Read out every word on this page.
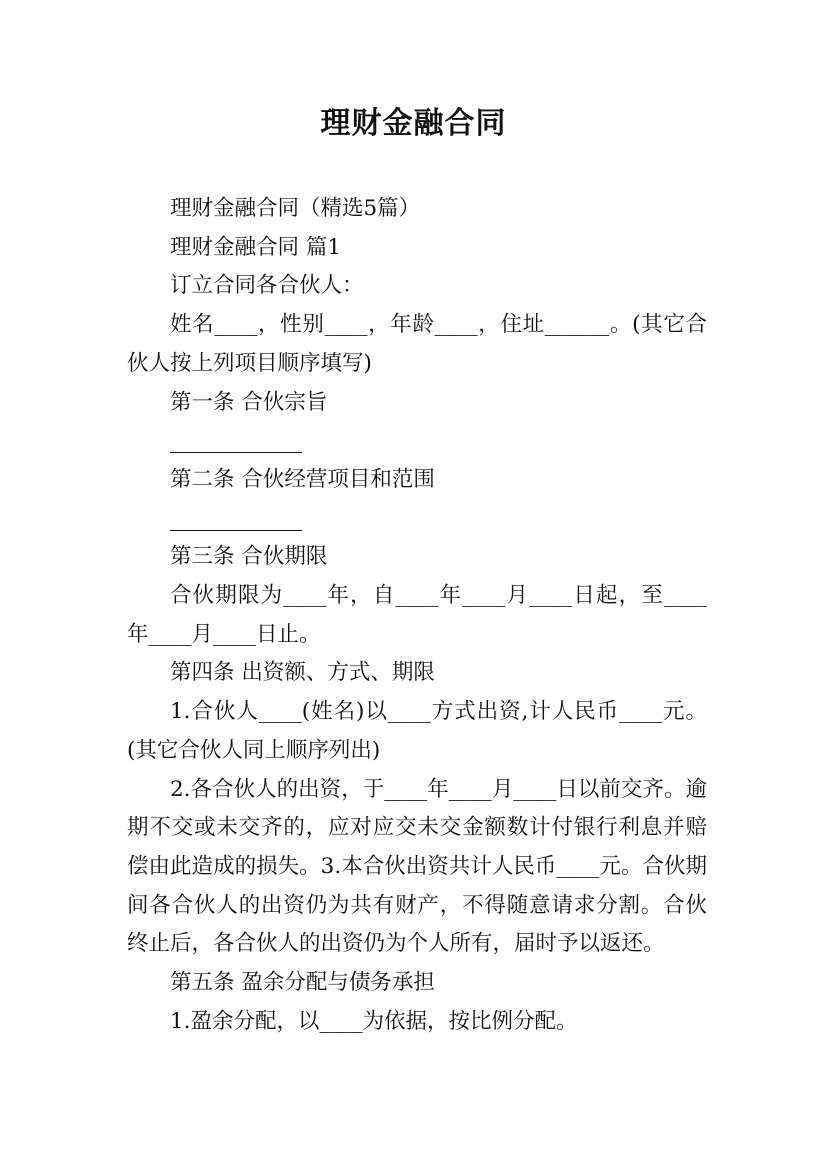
理财金融合同

理财金融合同（精选5篇）

理财金融合同 篇1

订立合同各合伙人：

姓名____，性别____，年龄____，住址______。(其它合伙人按上列项目顺序填写)

第一条 合伙宗旨

第二条 合伙经营项目和范围

第三条 合伙期限

合伙期限为____年，自____年____月____日起，至____年____月____日止。

第四条 出资额、方式、期限

1.合伙人____(姓名)以____方式出资,计人民币____元。(其它合伙人同上顺序列出)

2.各合伙人的出资，于____年____月____日以前交齐。逾期不交或未交齐的，应对应交未交金额数计付银行利息并赔偿由此造成的损失。3.本合伙出资共计人民币____元。合伙期间各合伙人的出资仍为共有财产，不得随意请求分割。合伙终止后，各合伙人的出资仍为个人所有，届时予以返还。

第五条 盈余分配与债务承担

1.盈余分配，以____为依据，按比例分配。
